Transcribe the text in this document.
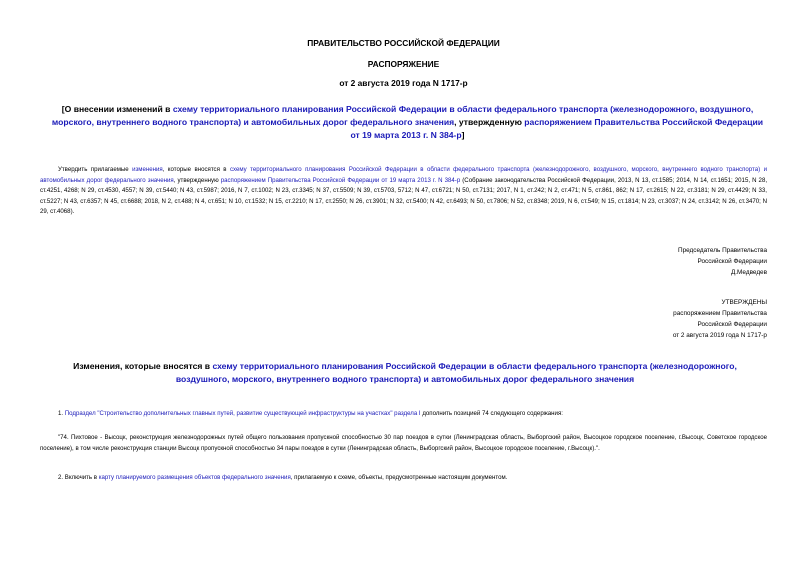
ПРАВИТЕЛЬСТВО РОССИЙСКОЙ ФЕДЕРАЦИИ
РАСПОРЯЖЕНИЕ
от 2 августа 2019 года N 1717-р
[О внесении изменений в схему территориального планирования Российской Федерации в области федерального транспорта (железнодорожного, воздушного, морского, внутреннего водного транспорта) и автомобильных дорог федерального значения, утвержденную распоряжением Правительства Российской Федерации от 19 марта 2013 г. N 384-р]
Утвердить прилагаемые изменения, которые вносятся в схему территориального планирования Российской Федерации в области федерального транспорта (железнодорожного, воздушного, морского, внутреннего водного транспорта) и автомобильных дорог федерального значения, утвержденную распоряжением Правительства Российской Федерации от 19 марта 2013 г. N 384-р (Собрание законодательства Российской Федерации, 2013, N 13, ст.1585; 2014, N 14, ст.1651; 2015, N 28, ст.4251, 4268; N 29, ст.4530, 4557; N 39, ст.5440; N 43, ст.5987; 2016, N 7, ст.1002; N 23, ст.3345; N 37, ст.5509; N 39, ст.5703, 5712; N 47, ст.6721; N 50, ст.7131; 2017, N 1, ст.242; N 2, ст.471; N 5, ст.861, 862; N 17, ст.2615; N 22, ст.3181; N 29, ст.4429; N 33, ст.5227; N 43, ст.6357; N 45, ст.6688; 2018, N 2, ст.488; N 4, ст.651; N 10, ст.1532; N 15, ст.2210; N 17, ст.2550; N 26, ст.3901; N 32, ст.5400; N 42, ст.6493; N 50, ст.7806; N 52, ст.8348; 2019, N 6, ст.549; N 15, ст.1814; N 23, ст.3037; N 24, ст.3142; N 26, ст.3470; N 29, ст.4068).
Председатель Правительства
Российской Федерации
Д.Медведев
УТВЕРЖДЕНЫ
распоряжением Правительства
Российской Федерации
от 2 августа 2019 года N 1717-р
Изменения, которые вносятся в схему территориального планирования Российской Федерации в области федерального транспорта (железнодорожного, воздушного, морского, внутреннего водного транспорта) и автомобильных дорог федерального значения
1. Подраздел "Строительство дополнительных главных путей, развитие существующей инфраструктуры на участках" раздела I дополнить позицией 74 следующего содержания:
"74. Пихтовое - Высоцк, реконструкция железнодорожных путей общего пользования пропускной способностью 30 пар поездов в сутки (Ленинградская область, Выборгский район, Высоцкое городское поселение, г.Высоцк, Советское городское поселение), в том числе реконструкция станции Высоцк пропускной способностью 34 пары поездов в сутки (Ленинградская область, Выборгский район, Высоцкое городское поселение, г.Высоцк).".
2. Включить в карту планируемого размещения объектов федерального значения, прилагаемую к схеме, объекты, предусмотренные настоящим документом.
